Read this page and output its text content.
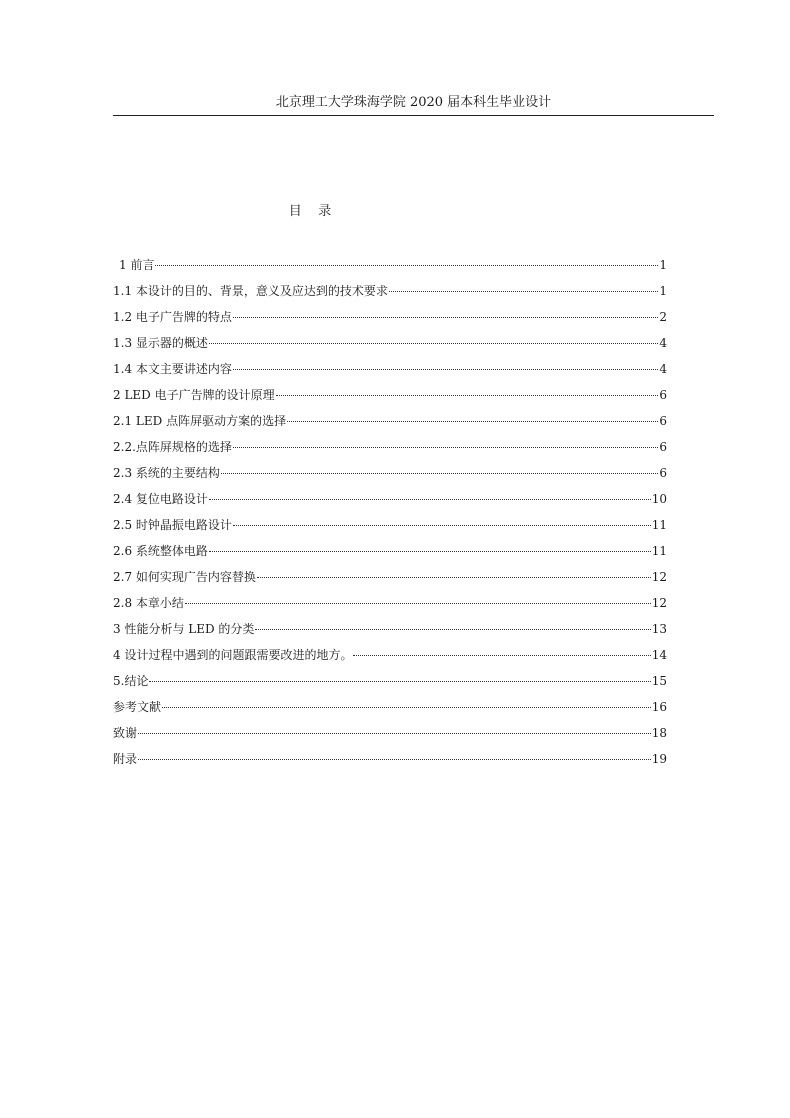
北京理工大学珠海学院 2020 届本科生毕业设计
目 录
1 前言	1
1.1 本设计的目的、背景，意义及应达到的技术要求	1
1.2 电子广告牌的特点	2
1.3 显示器的概述	4
1.4 本文主要讲述内容	4
2 LED 电子广告牌的设计原理	6
2.1 LED 点阵屏驱动方案的选择	6
2.2.点阵屏规格的选择	6
2.3 系统的主要结构	6
2.4 复位电路设计	10
2.5 时钟晶振电路设计	11
2.6 系统整体电路	11
2.7 如何实现广告内容替换	12
2.8 本章小结	12
3 性能分析与 LED 的分类	13
4 设计过程中遇到的问题跟需要改进的地方。	14
5.结论	15
参考文献	16
致谢	18
附录	19
